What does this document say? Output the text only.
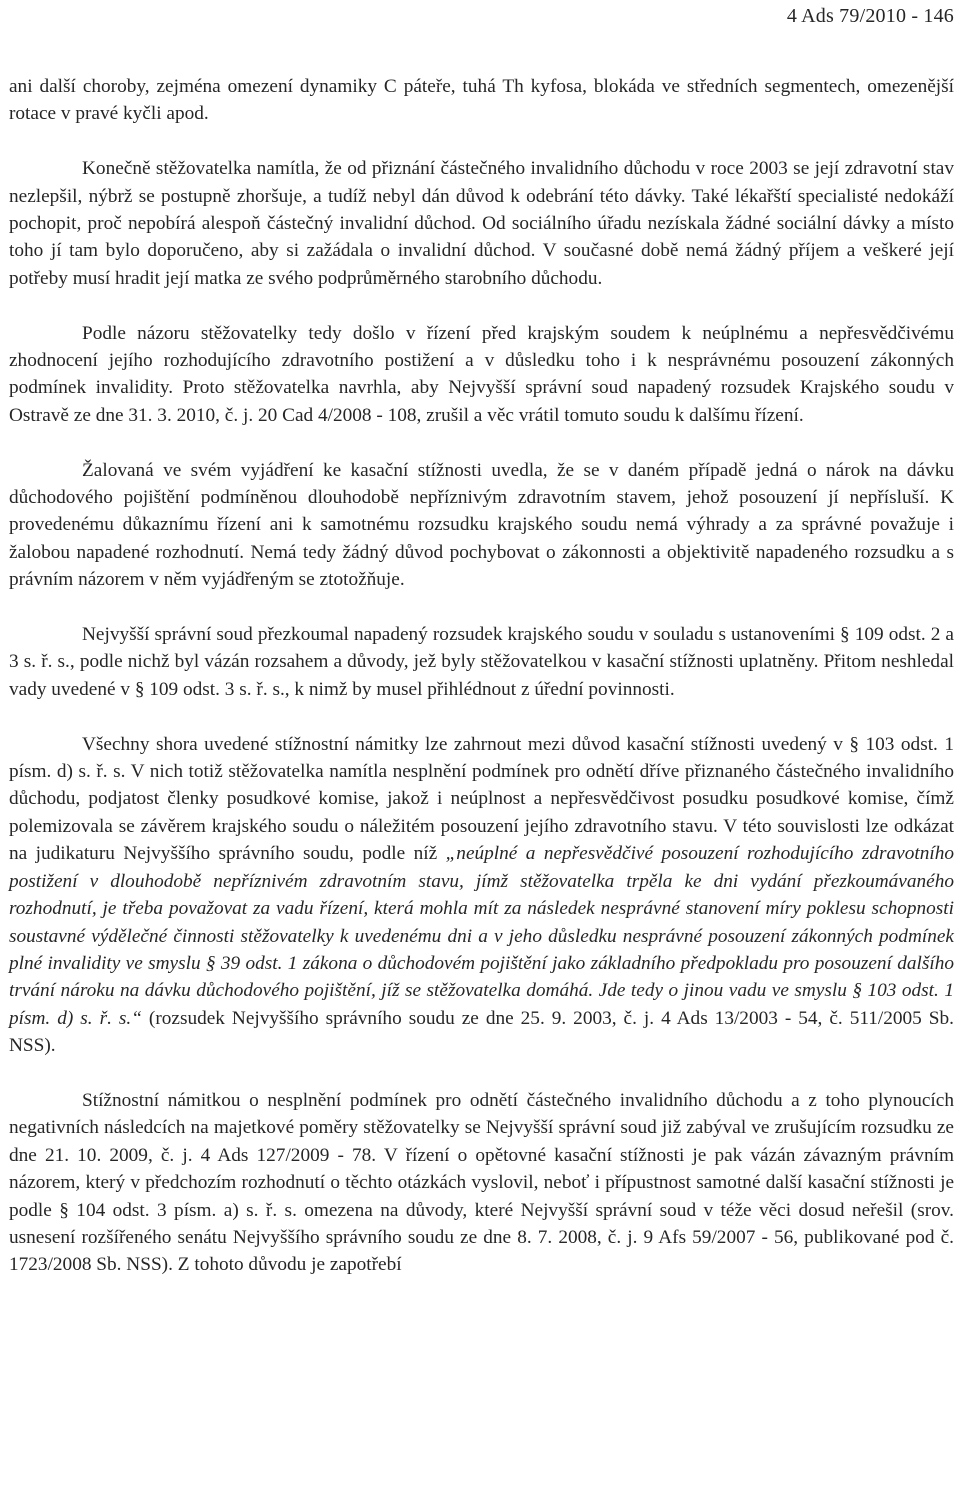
4 Ads 79/2010 - 146

ani další choroby, zejména omezení dynamiky C páteře, tuhá Th kyfosa, blokáda ve středních segmentech, omezenější rotace v pravé kyčli apod.

Konečně stěžovatelka namítla, že od přiznání částečného invalidního důchodu v roce 2003 se její zdravotní stav nezlepšil, nýbrž se postupně zhoršuje, a tudíž nebyl dán důvod k odebrání této dávky. Také lékařští specialisté nedokáží pochopit, proč nepobírá alespoň částečný invalidní důchod. Od sociálního úřadu nezískala žádné sociální dávky a místo toho jí tam bylo doporučeno, aby si zažádala o invalidní důchod. V současné době nemá žádný příjem a veškeré její potřeby musí hradit její matka ze svého podprůměrného starobního důchodu.

Podle názoru stěžovatelky tedy došlo v řízení před krajským soudem k neúplnému a nepřesvědčivému zhodnocení jejího rozhodujícího zdravotního postižení a v důsledku toho i k nesprávnému posouzení zákonných podmínek invalidity. Proto stěžovatelka navrhla, aby Nejvyšší správní soud napadený rozsudek Krajského soudu v Ostravě ze dne 31. 3. 2010, č. j. 20 Cad 4/2008 - 108, zrušil a věc vrátil tomuto soudu k dalšímu řízení.

Žalovaná ve svém vyjádření ke kasační stížnosti uvedla, že se v daném případě jedná o nárok na dávku důchodového pojištění podmíněnou dlouhodobě nepříznivým zdravotním stavem, jehož posouzení jí nepřísluší. K provedenému důkaznímu řízení ani k samotnému rozsudku krajského soudu nemá výhrady a za správné považuje i žalobou napadené rozhodnutí. Nemá tedy žádný důvod pochybovat o zákonnosti a objektivitě napadeného rozsudku a s právním názorem v něm vyjádřeným se ztotožňuje.

Nejvyšší správní soud přezkoumal napadený rozsudek krajského soudu v souladu s ustanoveními § 109 odst. 2 a 3 s. ř. s., podle nichž byl vázán rozsahem a důvody, jež byly stěžovatelkou v kasační stížnosti uplatněny. Přitom neshledal vady uvedené v § 109 odst. 3 s. ř. s., k nimž by musel přihlédnout z úřední povinnosti.

Všechny shora uvedené stížnostní námitky lze zahrnout mezi důvod kasační stížnosti uvedený v § 103 odst. 1 písm. d) s. ř. s. V nich totiž stěžovatelka namítla nesplnění podmínek pro odnětí dříve přiznaného částečného invalidního důchodu, podjatost členky posudkové komise, jakož i neúplnost a nepřesvědčivost posudku posudkové komise, čímž polemizovala se závěrem krajského soudu o náležitém posouzení jejího zdravotního stavu. V této souvislosti lze odkázat na judikaturu Nejvyššího správního soudu, podle níž „neúplné a nepřesvědčivé posouzení rozhodujícího zdravotního postižení v dlouhodobě nepříznivém zdravotním stavu, jímž stěžovatelka trpěla ke dni vydání přezkoumávaného rozhodnutí, je třeba považovat za vadu řízení, která mohla mít za následek nesprávné stanovení míry poklesu schopnosti soustavné výdělečné činnosti stěžovatelky k uvedenému dni a v jeho důsledku nesprávné posouzení zákonných podmínek plné invalidity ve smyslu § 39 odst. 1 zákona o důchodovém pojištění jako základního předpokladu pro posouzení dalšího trvání nároku na dávku důchodového pojištění, jíž se stěžovatelka domáhá. Jde tedy o jinou vadu ve smyslu § 103 odst. 1 písm. d) s. ř. s.“ (rozsudek Nejvyššího správního soudu ze dne 25. 9. 2003, č. j. 4 Ads 13/2003 - 54, č. 511/2005 Sb. NSS).

Stížnostní námitkou o nesplnění podmínek pro odnětí částečného invalidního důchodu a z toho plynoucích negativních následcích na majetkové poměry stěžovatelky se Nejvyšší správní soud již zabýval ve zrušujícím rozsudku ze dne 21. 10. 2009, č. j. 4 Ads 127/2009 - 78. V řízení o opětovné kasační stížnosti je pak vázán závazným právním názorem, který v předchozím rozhodnutí o těchto otázkách vyslovil, neboť i přípustnost samotné další kasační stížnosti je podle § 104 odst. 3 písm. a) s. ř. s. omezena na důvody, které Nejvyšší správní soud v téže věci dosud neřešil (srov. usnesení rozšířeného senátu Nejvyššího správního soudu ze dne 8. 7. 2008, č. j. 9 Afs 59/2007 - 56, publikované pod č. 1723/2008 Sb. NSS). Z tohoto důvodu je zapotřebí
